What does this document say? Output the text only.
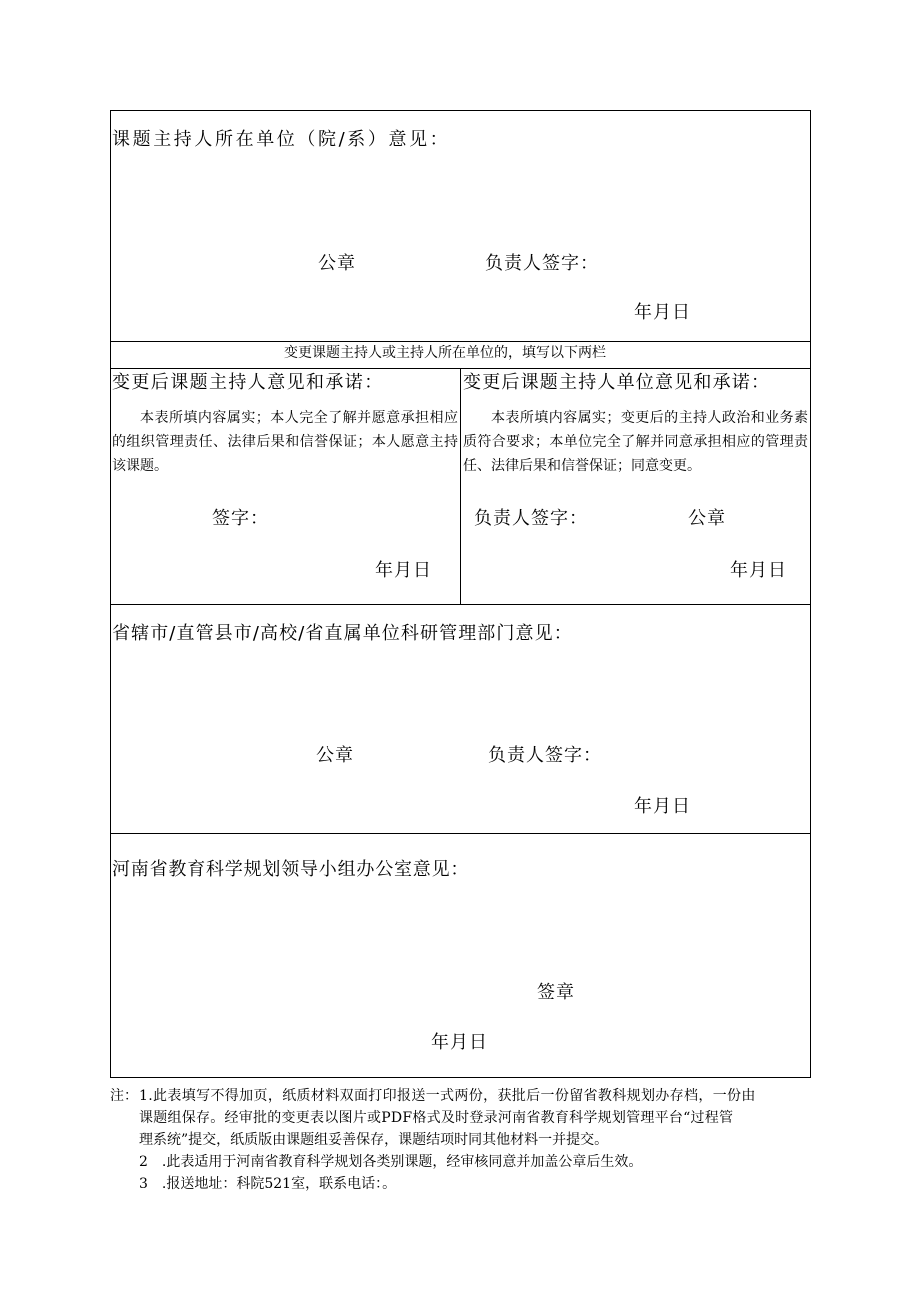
课题主持人所在单位（院/系）意见：
公章	负责人签字：
年月日
变更课题主持人或主持人所在单位的，填写以下两栏
变更后课题主持人意见和承诺：
本表所填内容属实；本人完全了解并愿意承担相应的组织管理责任、法律后果和信誉保证；本人愿意主持该课题。
签字：
年月日
变更后课题主持人单位意见和承诺：
本表所填内容属实；变更后的主持人政治和业务素质符合要求；本单位完全了解并同意承担相应的管理责任、法律后果和信誉保证；同意变更。
负责人签字：	公章
年月日
省辖市/直管县市/高校/省直属单位科研管理部门意见：
公章	负责人签字：
年月日
河南省教育科学规划领导小组办公室意见：
签章
年月日
注： 1.此表填写不得加页，纸质材料双面打印报送一式两份，获批后一份留省教科规划办存档，一份由
课题组保存。经审批的变更表以图片或PDF格式及时登录河南省教育科学规划管理平台“过程管
理系统”提交，纸质版由课题组妥善保存，课题结项时同其他材料一并提交。
2　.此表适用于河南省教育科学规划各类别课题，经审核同意并加盖公章后生效。
3　.报送地址：科院521室，联系电话：。
